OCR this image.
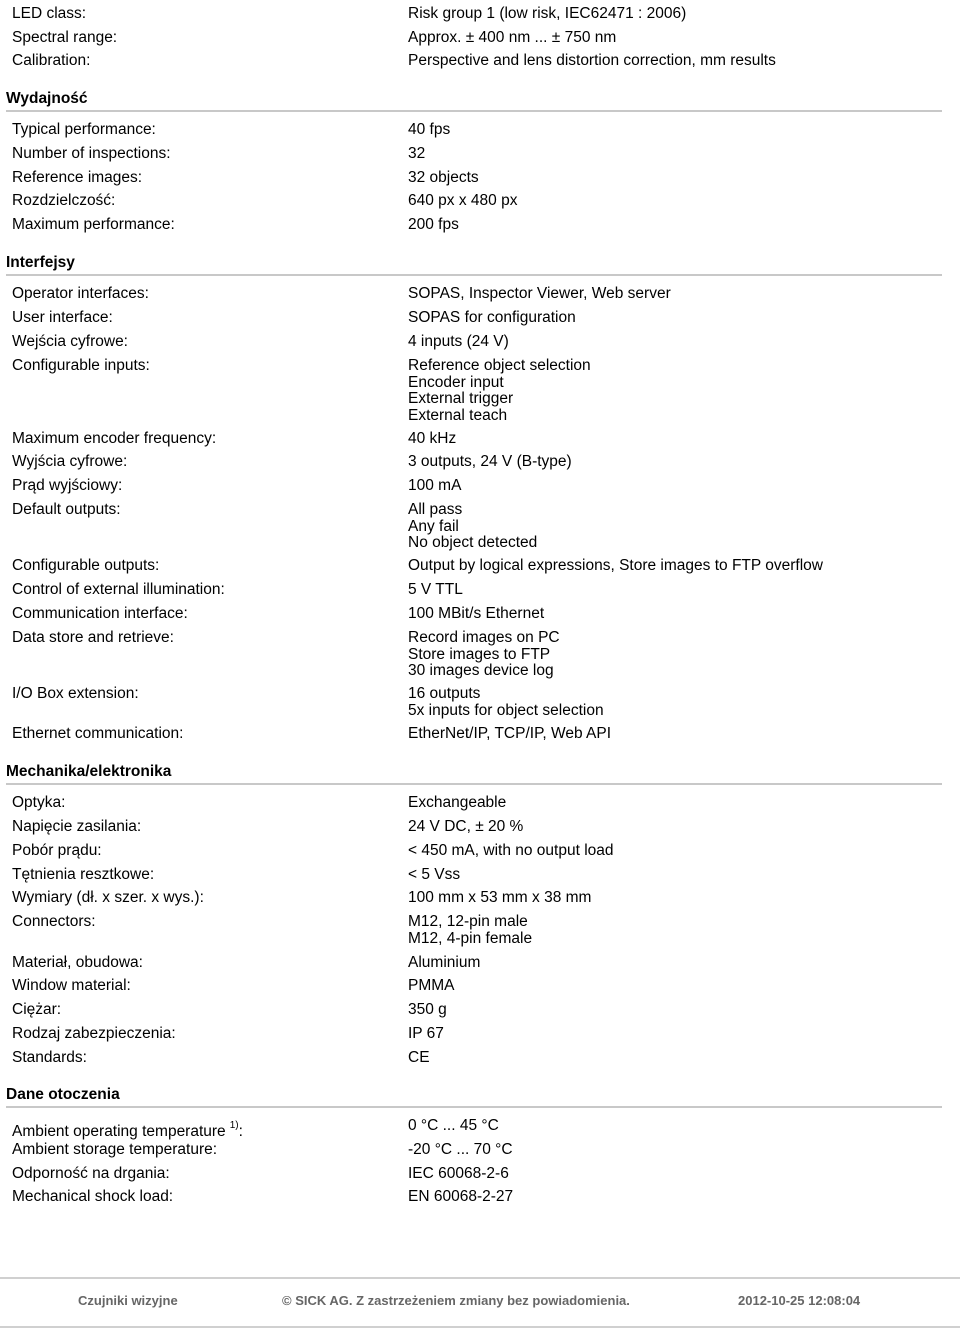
LED class:	Risk group 1 (low risk, IEC62471 : 2006)
Spectral range:	Approx. ± 400 nm ... ± 750 nm
Calibration:	Perspective and lens distortion correction, mm results
Wydajność
Typical performance:	40 fps
Number of inspections:	32
Reference images:	32 objects
Rozdzielczość:	640 px x 480 px
Maximum performance:	200 fps
Interfejsy
Operator interfaces:	SOPAS, Inspector Viewer, Web server
User interface:	SOPAS for configuration
Wejścia cyfrowe:	4 inputs (24 V)
Configurable inputs:	Reference object selection
Encoder input
External trigger
External teach
Maximum encoder frequency:	40 kHz
Wyjścia cyfrowe:	3 outputs, 24 V (B-type)
Prąd wyjściowy:	100 mA
Default outputs:	All pass
Any fail
No object detected
Configurable outputs:	Output by logical expressions, Store images to FTP overflow
Control of external illumination:	5 V TTL
Communication interface:	100 MBit/s Ethernet
Data store and retrieve:	Record images on PC
Store images to FTP
30 images device log
I/O Box extension:	16 outputs
5x inputs for object selection
Ethernet communication:	EtherNet/IP, TCP/IP, Web API
Mechanika/elektronika
Optyka:	Exchangeable
Napięcie zasilania:	24 V DC, ± 20 %
Pobór prądu:	< 450 mA, with no output load
Tętnienia resztkowe:	< 5 Vss
Wymiary (dł. x szer. x wys.):	100 mm x 53 mm x 38 mm
Connectors:	M12, 12-pin male
M12, 4-pin female
Materiał, obudowa:	Aluminium
Window material:	PMMA
Ciężar:	350 g
Rodzaj zabezpieczenia:	IP 67
Standards:	CE
Dane otoczenia
Ambient operating temperature $^{1)}$:	0 °C ... 45 °C
Ambient storage temperature:	-20 °C ... 70 °C
Odporność na drgania:	IEC 60068-2-6
Mechanical shock load:	EN 60068-2-27
Czujniki wizyjne	© SICK AG. Z zastrzeżeniem zmiany bez powiadomienia.	2012-10-25 12:08:04
